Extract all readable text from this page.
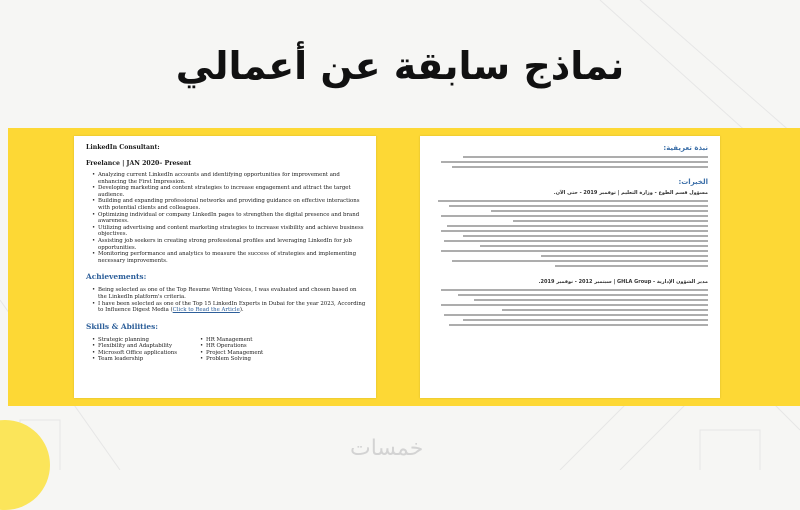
نماذج سابقة عن أعمالي
LinkedIn Consultant:
Freelance | JAN 2020– Present
• Analyzing current LinkedIn accounts and identifying opportunities for improvement and enhancing the First Impression.
• Developing marketing and content strategies to increase engagement and attract the target audience.
• Building and expanding professional networks and providing guidance on effective interactions with potential clients and colleagues.
• Optimizing individual or company LinkedIn pages to strengthen the digital presence and brand awareness.
• Utilizing advertising and content marketing strategies to increase visibility and achieve business objectives.
• Assisting job seekers in creating strong professional profiles and leveraging LinkedIn for job opportunities.
• Monitoring performance and analytics to measure the success of strategies and implementing necessary improvements.
Achievements:
• Being selected as one of the Top Resume Writing Voices, I was evaluated and chosen based on the LinkedIn platform's criteria.
• I have been selected as one of the Top 15 LinkedIn Experts in Dubai for the year 2023, According to Influence Digest Media (Click to Read the Article).
Skills & Abilities:
• Strategic planning
• Flexibility and Adaptability
• Microsoft Office applications
• Team leadership
• HR Management
• HR Operations
• Project Management
• Problem Solving
نبذة تعريفية:
الخبرات:
مسؤول قسم الطوع - وزارة التعليم | توفمبر 2019 - حتى الآن.
مدير الشؤون الإدارية - GHLA Group | سبتمبر 2012 - نوفمبر 2019.
خمسات
